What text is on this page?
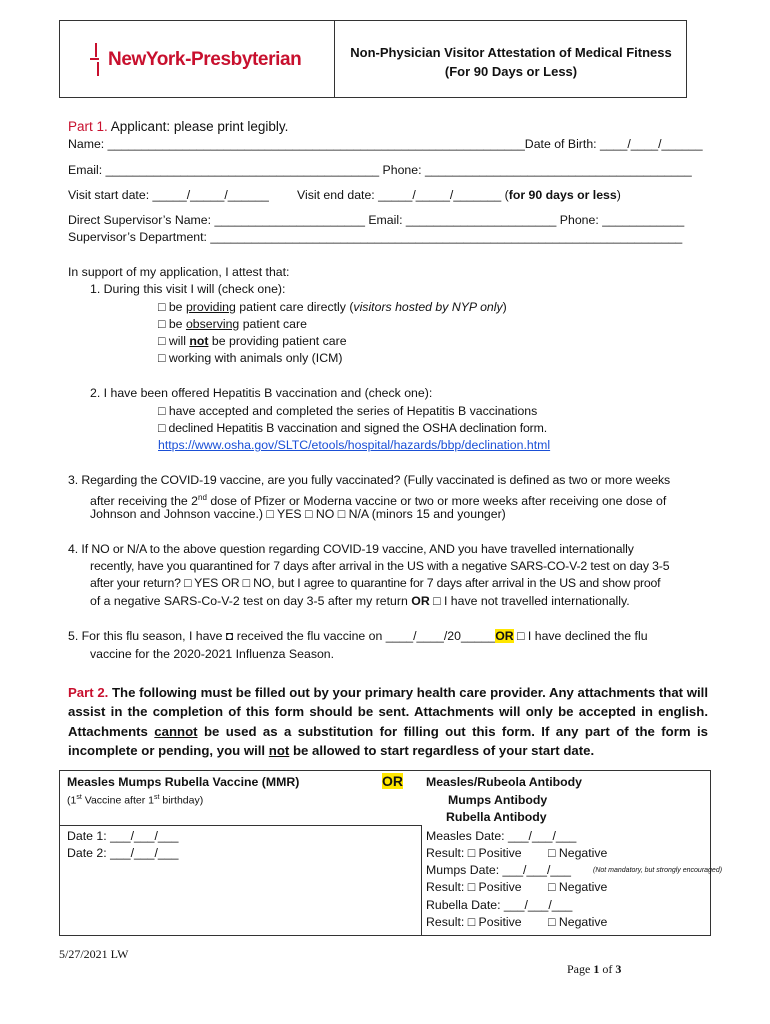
NewYork-Presbyterian	Non-Physician Visitor Attestation of Medical Fitness
(For 90 Days or Less)
Part 1. Applicant: please print legibly.
Name: _____________________________________________________________Date of Birth: ____/____/______
Email: ________________________________________ Phone: _______________________________________
Visit start date: _____/_____/______ Visit end date: _____/_____/_______ (for 90 days or less)
Direct Supervisor’s Name: ______________________ Email: ______________________ Phone: ____________
Supervisor’s Department: _____________________________________________________________________
In support of my application, I attest that:
1. During this visit I will (check one):
□ be providing patient care directly (visitors hosted by NYP only)
□ be observing patient care
□ will not be providing patient care
□ working with animals only (ICM)
2. I have been offered Hepatitis B vaccination and (check one):
□ have accepted and completed the series of Hepatitis B vaccinations
□ declined Hepatitis B vaccination and signed the OSHA declination form.
https://www.osha.gov/SLTC/etools/hospital/hazards/bbp/declination.html
3. Regarding the COVID-19 vaccine, are you fully vaccinated? (Fully vaccinated is defined as two or more weeks
after receiving the 2nd dose of Pfizer or Moderna vaccine or two or more weeks after receiving one dose of
Johnson and Johnson vaccine.) □ YES □ NO □ N/A (minors 15 and younger)
4. If NO or N/A to the above question regarding COVID-19 vaccine, AND you have travelled internationally
recently, have you quarantined for 7 days after arrival in the US with a negative SARS-CO-V-2 test on day 3-5
after your return? □ YES OR □ NO, but I agree to quarantine for 7 days after arrival in the US and show proof
of a negative SARS-Co-V-2 test on day 3-5 after my return OR □ I have not travelled internationally.
5. For this flu season, I have ◘ received the flu vaccine on ____/____/20_____OR □ I have declined the flu
vaccine for the 2020-2021 Influenza Season.
Part 2. The following must be filled out by your primary health care provider. Any attachments that will assist in the completion of this form should be sent. Attachments will only be accepted in english. Attachments cannot be used as a substitution for filling out this form. If any part of the form is incomplete or pending, you will not be allowed to start regardless of your start date.
Measles Mumps Rubella Vaccine (MMR)
(1st Vaccine after 1st birthday)
OR Measles/Rubeola Antibody
Mumps Antibody
Rubella Antibody
Date 1: ___/___/___
Date 2: ___/___/___
Measles Date: ___/___/___
Result: □ Positive □ Negative
Mumps Date: ___/___/___	(Not mandatory, but strongly encouraged)
Result: □ Positive □ Negative
Rubella Date: ___/___/___
Result: □ Positive □ Negative
5/27/2021 LW
Page 1 of 3
